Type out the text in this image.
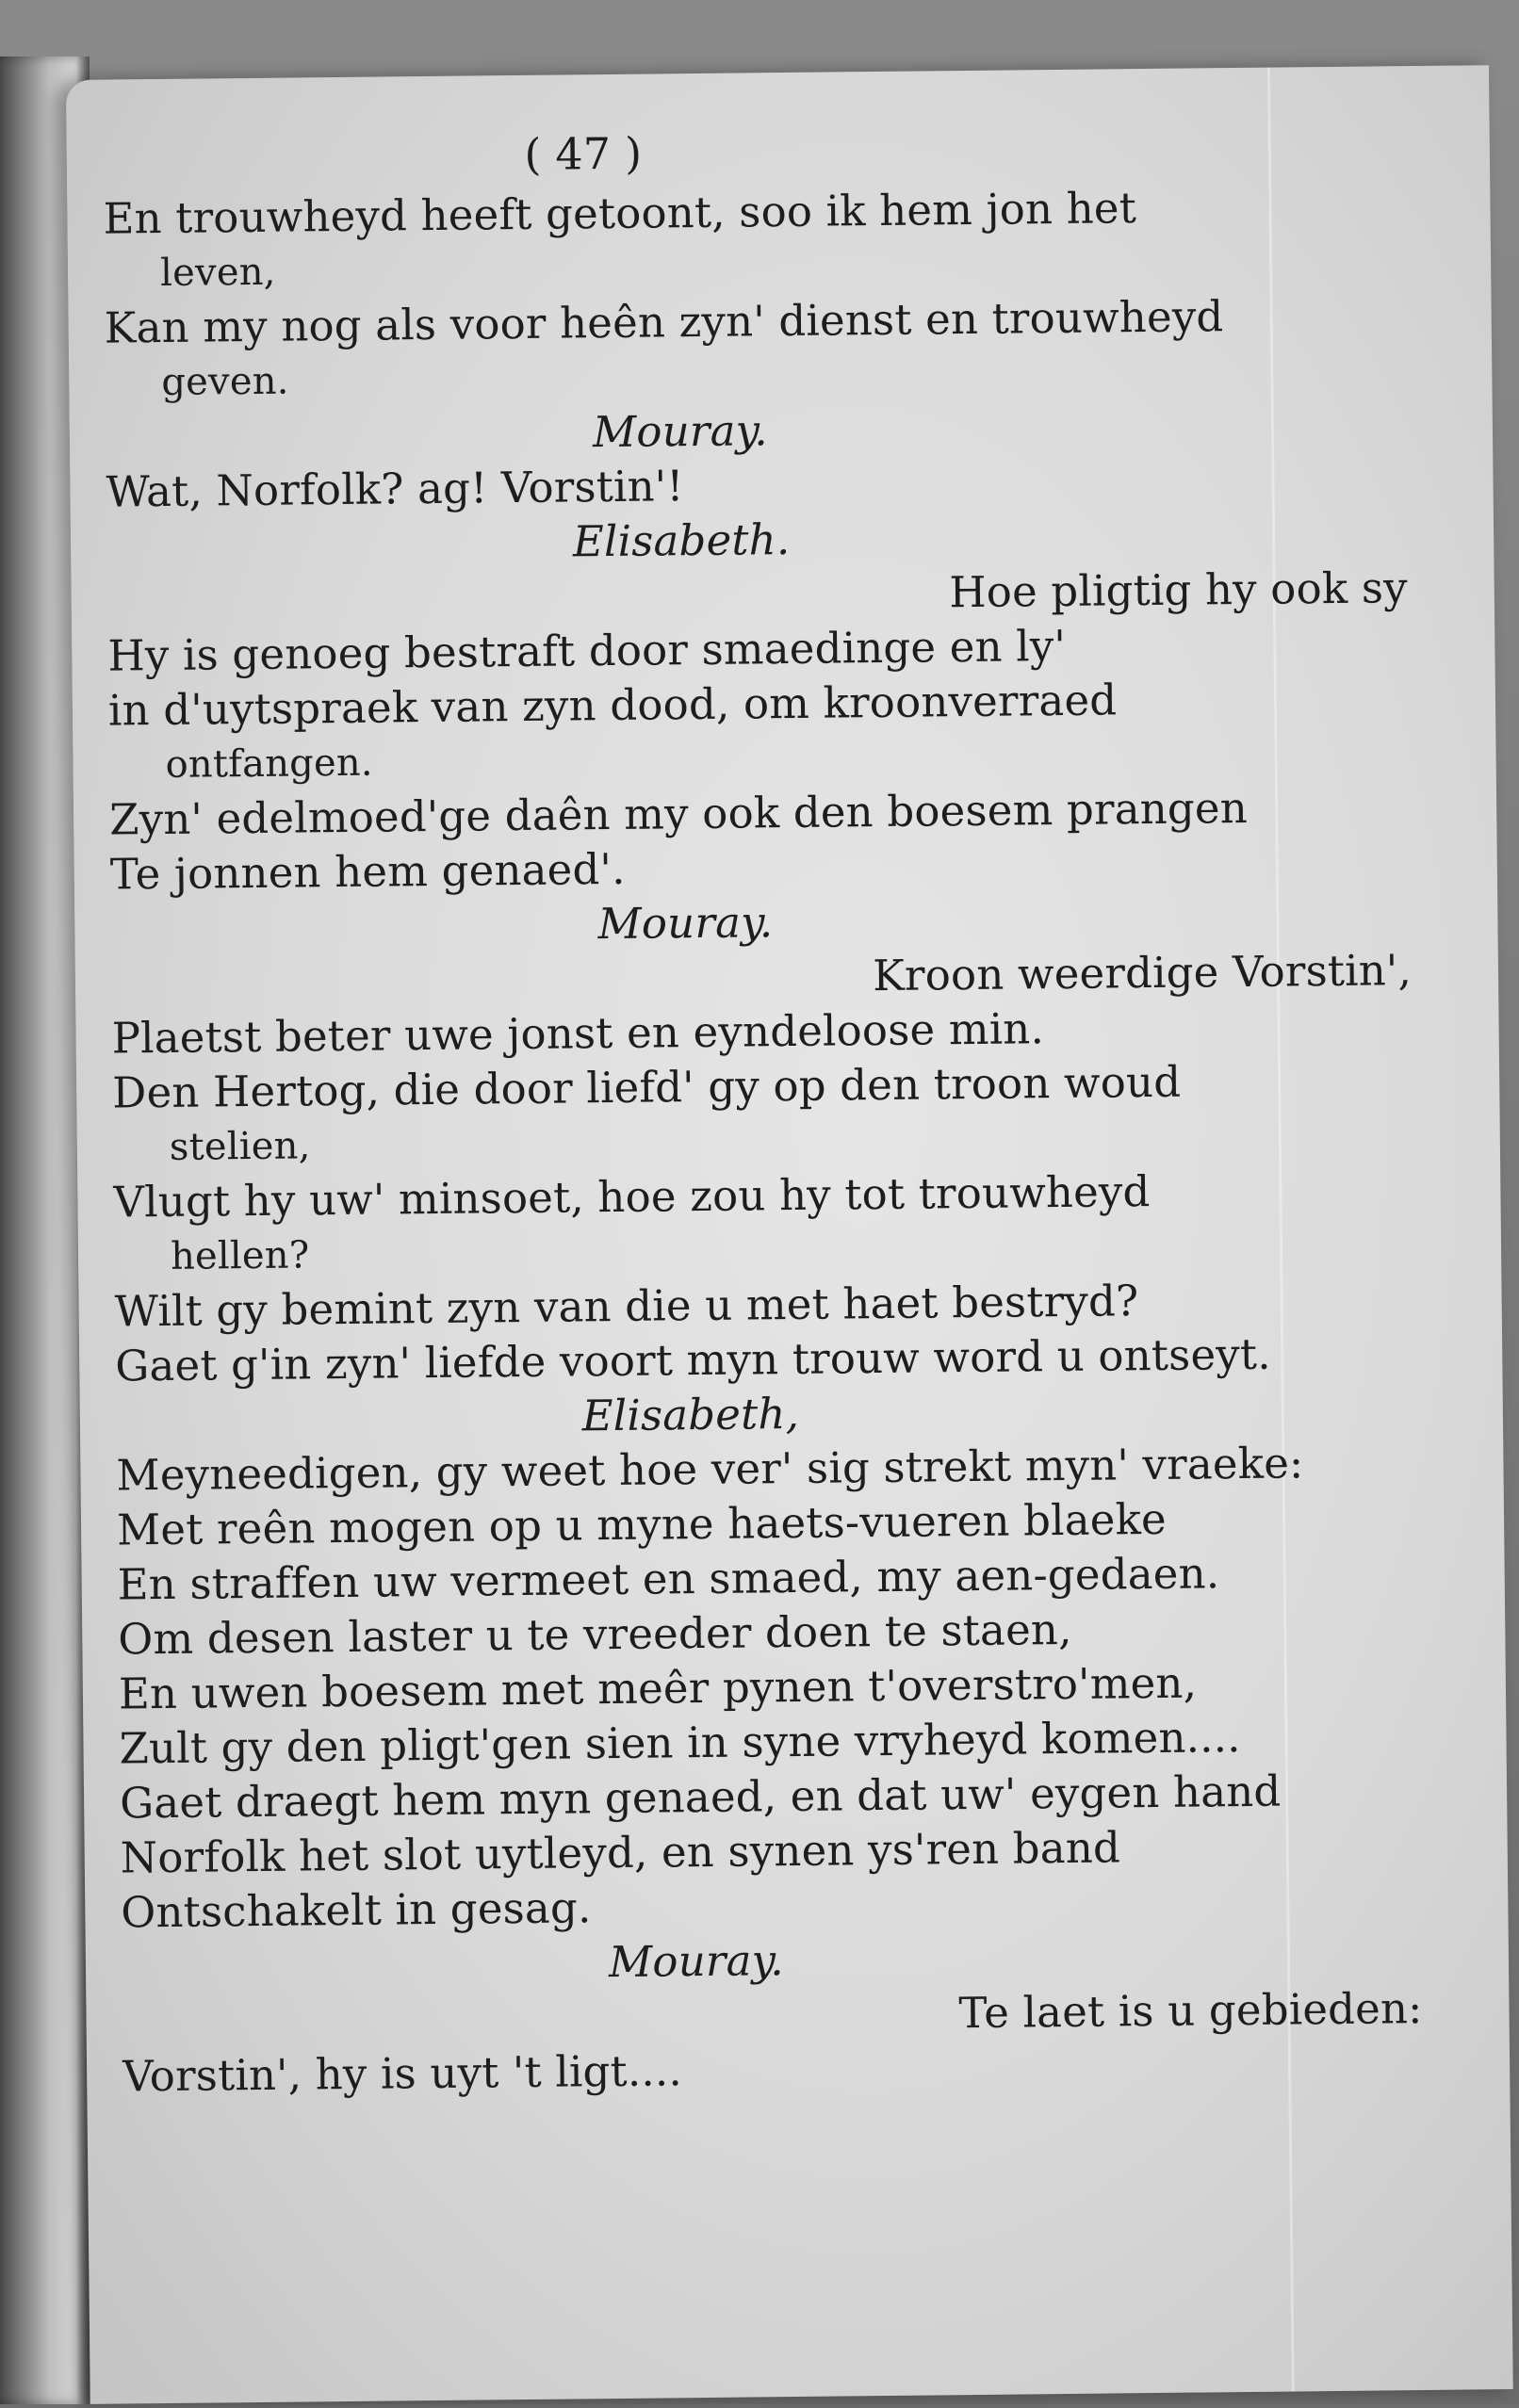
( 47 )
En trouwheyd heeft getoont, soo ik hem jon het
leven,
Kan my nog als voor heên zyn' dienst en trouwheyd
geven.
Mouray.
Wat, Norfolk? ag! Vorstin'!
Elisabeth.
Hoe pligtig hy ook sy
Hy is genoeg bestraft door smaedinge en ly'
in d'uytspraek van zyn dood, om kroonverraed
ontfangen.
Zyn' edelmoed'ge daên my ook den boesem prangen
Te jonnen hem genaed'.
Mouray.
Kroon weerdige Vorstin',
Plaetst beter uwe jonst en eyndeloose min.
Den Hertog, die door liefd' gy op den troon woud
stelien,
Vlugt hy uw' minsoet, hoe zou hy tot trouwheyd
hellen?
Wilt gy bemint zyn van die u met haet bestryd?
Gaet g'in zyn' liefde voort myn trouw word u ontseyt.
Elisabeth,
Meyneedigen, gy weet hoe ver' sig strekt myn' vraeke:
Met reên mogen op u myne haets-vueren blaeke
En straffen uw vermeet en smaed, my aen-gedaen.
Om desen laster u te vreeder doen te staen,
En uwen boesem met meêr pynen t'overstro'men,
Zult gy den pligt'gen sien in syne vryheyd komen....
Gaet draegt hem myn genaed, en dat uw' eygen hand
Norfolk het slot uytleyd, en synen ys'ren band
Ontschakelt in gesag.
Mouray.
Te laet is u gebieden:
Vorstin', hy is uyt 't ligt....
